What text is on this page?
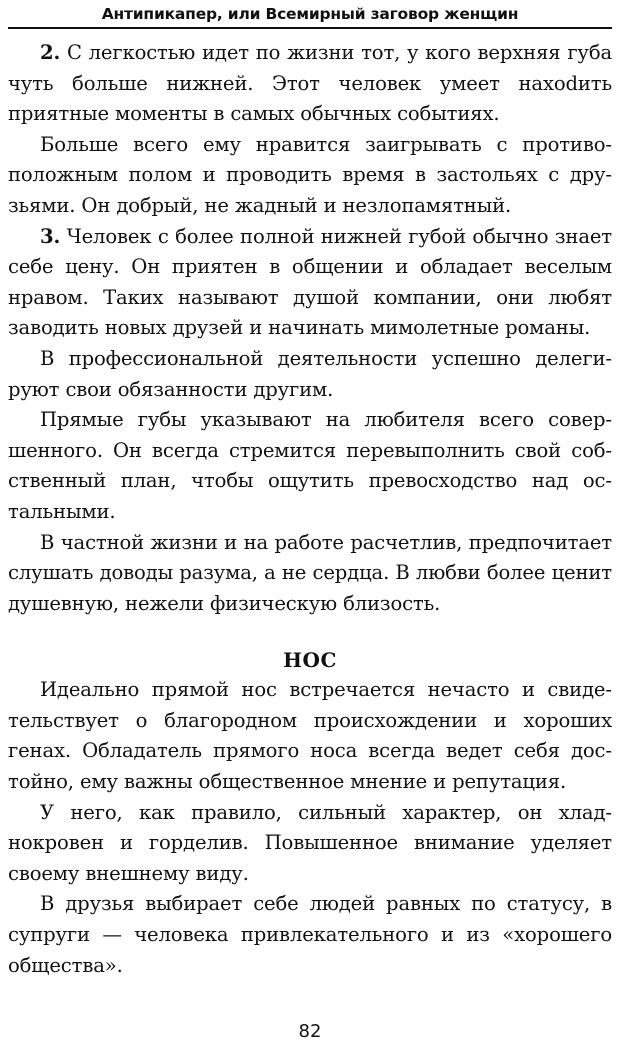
Антипикапер, или Всемирный заговор женщин

2. С легкостью идет по жизни тот, у кого верхняя губа чуть больше нижней. Этот человек умеет нахоdить приятные моменты в самых обычных событиях.

Больше всего ему нравится заигрывать с противоположным полом и проводить время в застольях с друзьями. Он добрый, не жадный и незлопамятный.

3. Человек с более полной нижней губой обычно знает себе цену. Он приятен в общении и обладает веселым нравом. Таких называют душой компании, они любят заводить новых друзей и начинать мимолетные романы.

В профессиональной деятельности успешно делегируют свои обязанности другим.

Прямые губы указывают на любителя всего совершенного. Он всегда стремится перевыполнить свой собственный план, чтобы ощутить превосходство над остальными.

В частной жизни и на работе расчетлив, предпочитает слушать доводы разума, а не сердца. В любви более ценит душевную, нежели физическую близость.

НОС

Идеально прямой нос встречается нечасто и свидетельствует о благородном происхождении и хороших генах. Обладатель прямого носа всегда ведет себя достойно, ему важны общественное мнение и репутация.

У него, как правило, сильный характер, он хладнокровен и горделив. Повышенное внимание уделяет своему внешнему виду.

В друзья выбирает себе людей равных по статусу, в супруги — человека привлекательного и из «хорошего общества».

82
